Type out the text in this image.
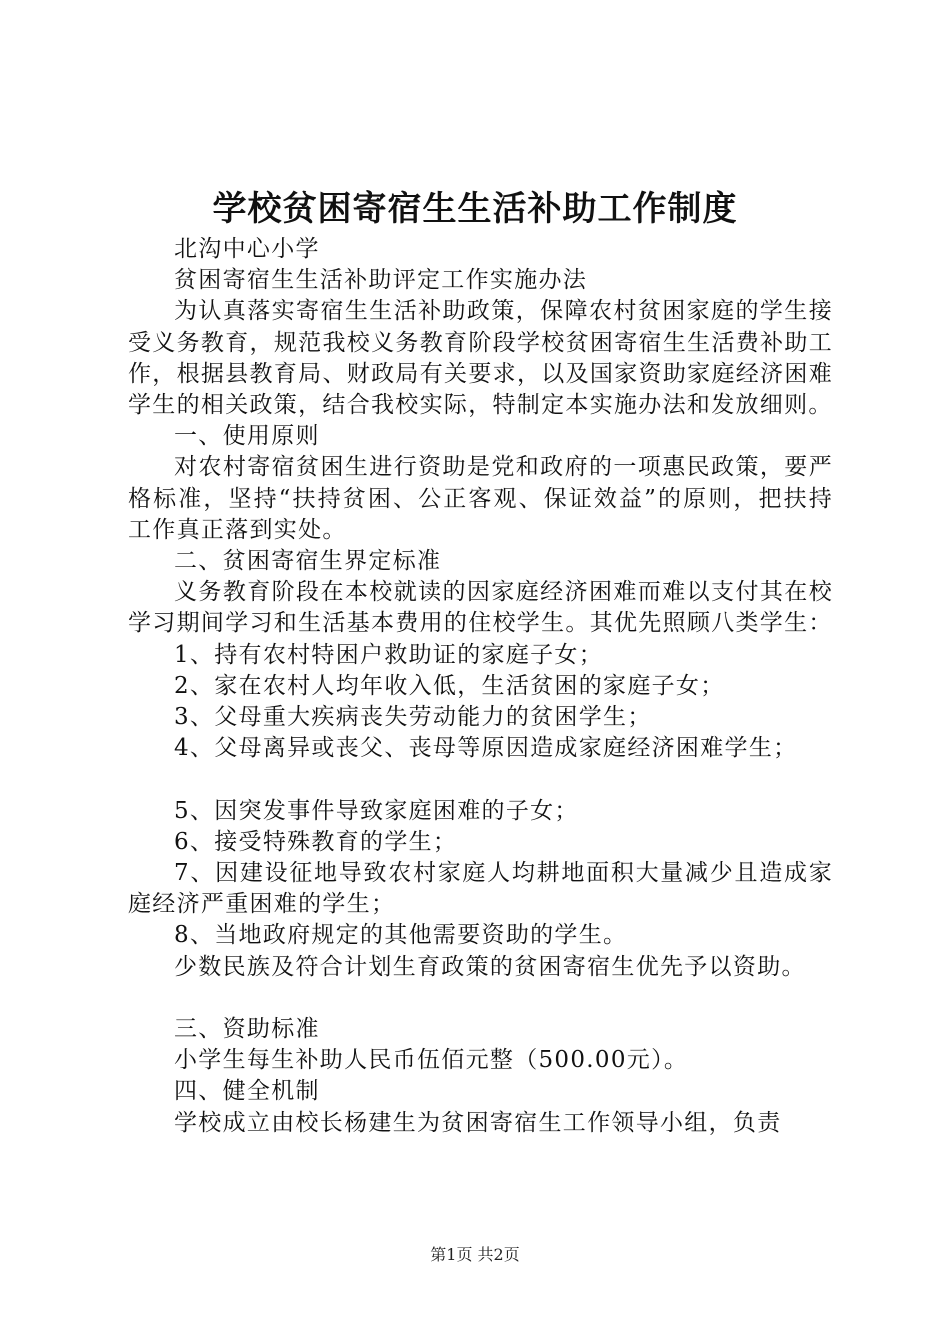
学校贫困寄宿生生活补助工作制度

北沟中心小学

贫困寄宿生生活补助评定工作实施办法

为认真落实寄宿生生活补助政策，保障农村贫困家庭的学生接受义务教育，规范我校义务教育阶段学校贫困寄宿生生活费补助工作，根据县教育局、财政局有关要求，以及国家资助家庭经济困难学生的相关政策，结合我校实际，特制定本实施办法和发放细则。

一、使用原则

对农村寄宿贫困生进行资助是党和政府的一项惠民政策，要严格标准，坚持“扶持贫困、公正客观、保证效益”的原则，把扶持工作真正落到实处。

二、贫困寄宿生界定标准

义务教育阶段在本校就读的因家庭经济困难而难以支付其在校学习期间学习和生活基本费用的住校学生。其优先照顾八类学生：

1、持有农村特困户救助证的家庭子女；

2、家在农村人均年收入低，生活贫困的家庭子女；

3、父母重大疾病丧失劳动能力的贫困学生；

4、父母离异或丧父、丧母等原因造成家庭经济困难学生；

5、因突发事件导致家庭困难的子女；

6、接受特殊教育的学生；

7、因建设征地导致农村家庭人均耕地面积大量减少且造成家庭经济严重困难的学生；

8、当地政府规定的其他需要资助的学生。

少数民族及符合计划生育政策的贫困寄宿生优先予以资助。

三、资助标准

小学生每生补助人民币伍佰元整（500.00元）。

四、健全机制

学校成立由校长杨建生为贫困寄宿生工作领导小组，负责

第1页 共2页
